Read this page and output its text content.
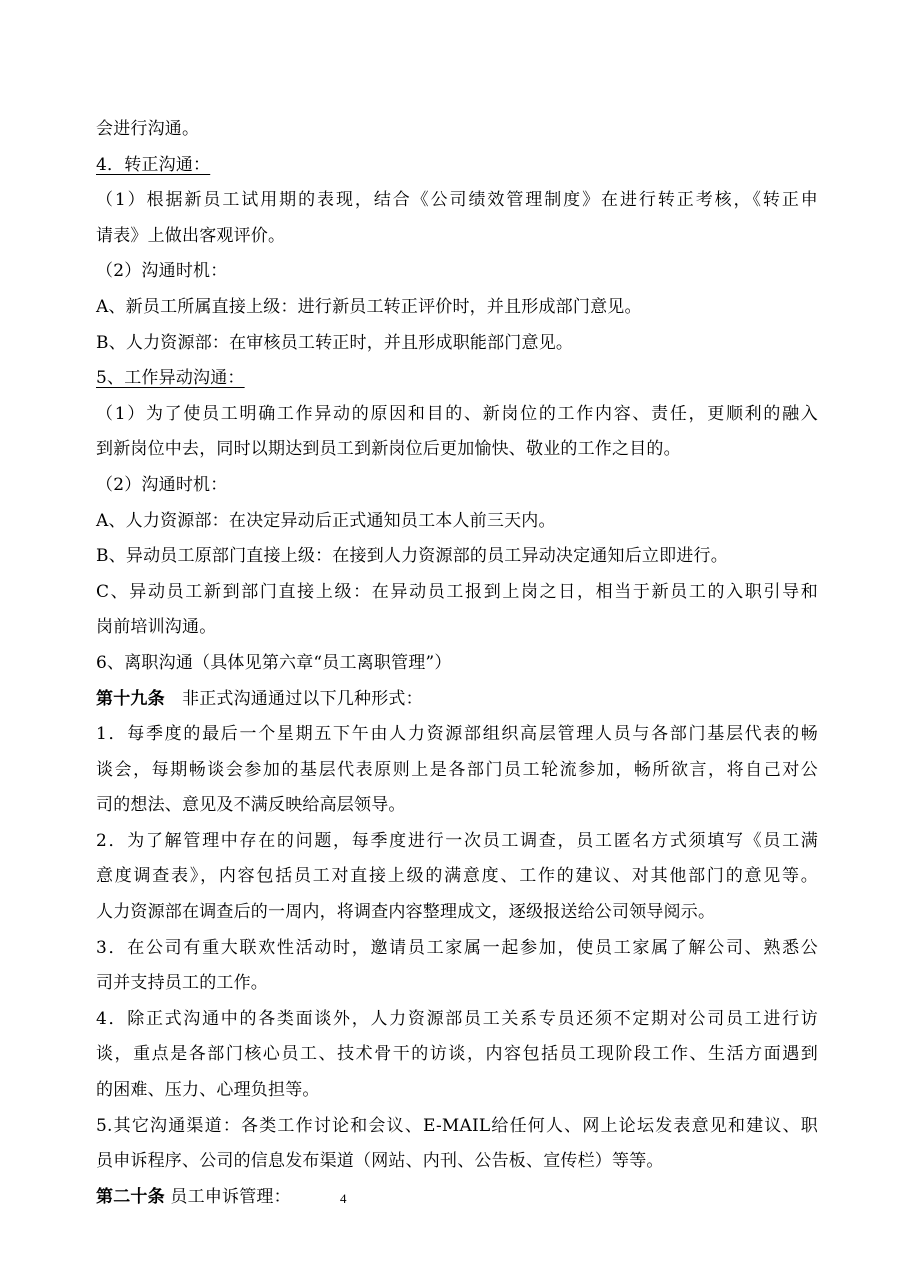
会进行沟通。
4．转正沟通：
（1）根据新员工试用期的表现，结合《公司绩效管理制度》在进行转正考核，《转正申
请表》上做出客观评价。
（2）沟通时机：
A、新员工所属直接上级：进行新员工转正评价时，并且形成部门意见。
B、人力资源部：在审核员工转正时，并且形成职能部门意见。
5、工作异动沟通：
（1）为了使员工明确工作异动的原因和目的、新岗位的工作内容、责任，更顺利的融入
到新岗位中去，同时以期达到员工到新岗位后更加愉快、敬业的工作之目的。
（2）沟通时机：
A、人力资源部：在决定异动后正式通知员工本人前三天内。
B、异动员工原部门直接上级：在接到人力资源部的员工异动决定通知后立即进行。
C、异动员工新到部门直接上级：在异动员工报到上岗之日，相当于新员工的入职引导和
岗前培训沟通。
6、离职沟通（具体见第六章“员工离职管理”）
第十九条　非正式沟通通过以下几种形式：
1．每季度的最后一个星期五下午由人力资源部组织高层管理人员与各部门基层代表的畅
谈会，每期畅谈会参加的基层代表原则上是各部门员工轮流参加，畅所欲言，将自己对公
司的想法、意见及不满反映给高层领导。
2．为了解管理中存在的问题，每季度进行一次员工调查，员工匿名方式须填写《员工满
意度调查表》，内容包括员工对直接上级的满意度、工作的建议、对其他部门的意见等。
人力资源部在调查后的一周内，将调查内容整理成文，逐级报送给公司领导阅示。
3．在公司有重大联欢性活动时，邀请员工家属一起参加，使员工家属了解公司、熟悉公
司并支持员工的工作。
4．除正式沟通中的各类面谈外，人力资源部员工关系专员还须不定期对公司员工进行访
谈，重点是各部门核心员工、技术骨干的访谈，内容包括员工现阶段工作、生活方面遇到
的困难、压力、心理负担等。
5.其它沟通渠道：各类工作讨论和会议、E-MAIL给任何人、网上论坛发表意见和建议、职
员申诉程序、公司的信息发布渠道（网站、内刊、公告板、宣传栏）等等。
第二十条 员工申诉管理：	4
